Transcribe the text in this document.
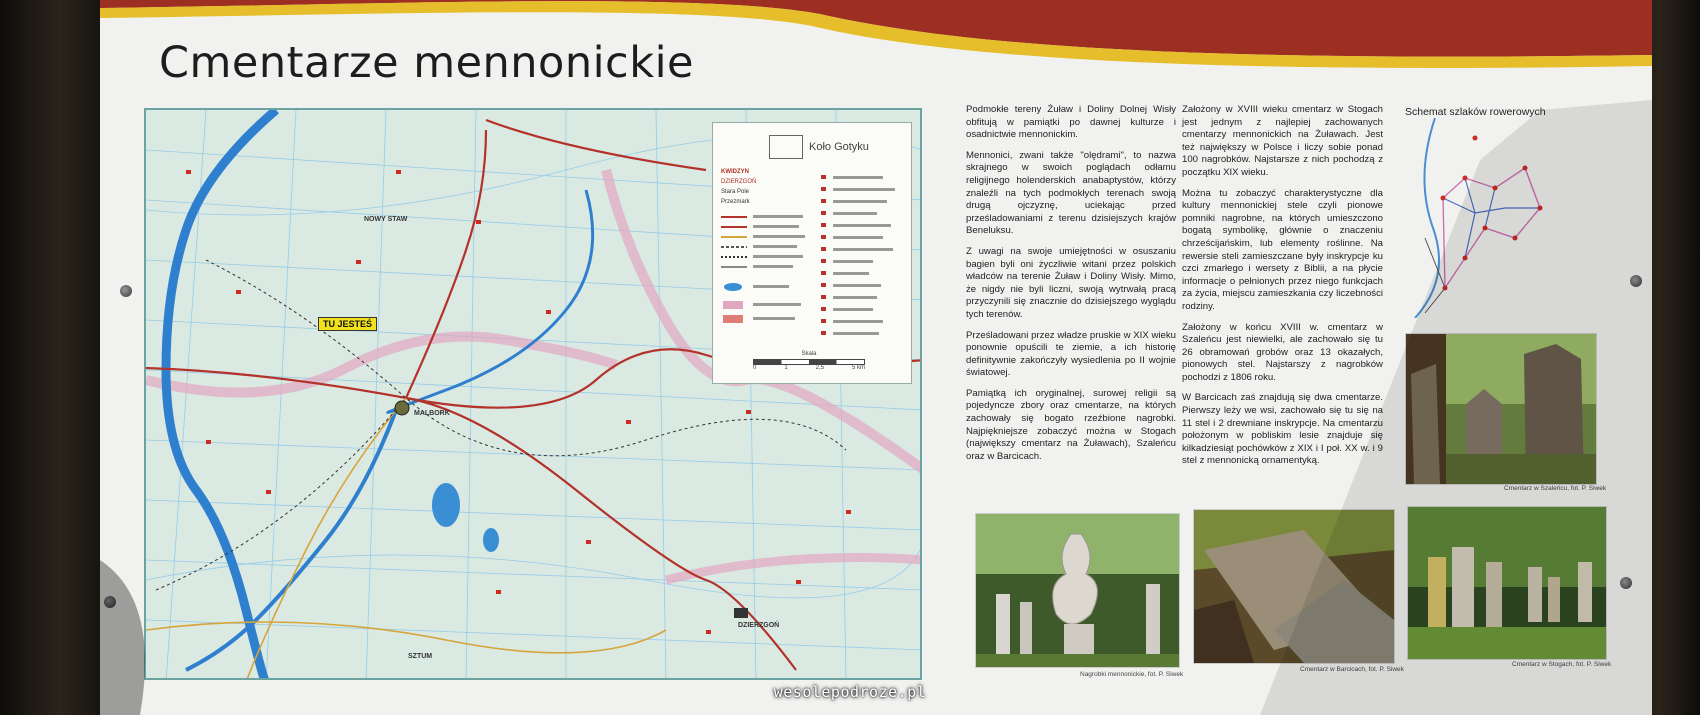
Cmentarze mennonickie
TU JESTEŚ
MALBORK
SZTUM
NOWY STAW
DZIERZGOŃ
Koło Gotyku
KWIDZYN
DZIERZGOŃ
Stara Pole
Przezmark
Skala
0	1	2,5	5 km

Podmokłe tereny Żuław i Doliny Dolnej Wisły obfitują w pamiątki po dawnej kulturze i osadnictwie mennonickim.

Mennonici, zwani także "olędrami", to nazwa skrajnego w swoich poglądach odłamu religijnego holenderskich anabaptystów, którzy znaleźli na tych podmokłych terenach swoją drugą ojczyznę, uciekając przed prześladowaniami z terenu dzisiejszych krajów Beneluksu.

Z uwagi na swoje umiejętności w osuszaniu bagien byli oni życzliwie witani przez polskich władców na terenie Żuław i Doliny Wisły. Mimo, że nigdy nie byli liczni, swoją wytrwałą pracą przyczynili się znacznie do dzisiejszego wyglądu tych terenów.

Prześladowani przez władze pruskie w XIX wieku ponownie opuścili te ziemie, a ich historię definitywnie zakończyły wysiedlenia po II wojnie światowej.

Pamiątką ich oryginalnej, surowej religii są pojedyncze zbory oraz cmentarze, na których zachowały się bogato rzeźbione nagrobki. Najpiękniejsze zobaczyć można w Stogach (największy cmentarz na Żuławach), Szaleńcu oraz w Barcicach.

Założony w XVIII wieku cmentarz w Stogach jest jednym z najlepiej zachowanych cmentarzy mennonickich na Żuławach. Jest też największy w Polsce i liczy sobie ponad 100 nagrobków. Najstarsze z nich pochodzą z początku XIX wieku.

Można tu zobaczyć charakterystyczne dla kultury mennonickiej stele czyli pionowe pomniki nagrobne, na których umieszczono bogatą symbolikę, głównie o znaczeniu chrześcijańskim, lub elementy roślinne. Na rewersie steli zamieszczane były inskrypcje ku czci zmarłego i wersety z Biblii, a na płycie informacje o pełnionych przez niego funkcjach za życia, miejscu zamieszkania czy liczebności rodziny.

Założony w końcu XVIII w. cmentarz w Szaleńcu jest niewielki, ale zachowało się tu 26 obramowań grobów oraz 13 okazałych, pionowych stel. Najstarszy z nagrobków pochodzi z 1806 roku.

W Barcicach zaś znajdują się dwa cmentarze. Pierwszy leży we wsi, zachowało się tu się na 11 stel i 2 drewniane inskrypcje. Na cmentarzu położonym w pobliskim lesie znajduje się kilkadziesiąt pochówków z XIX i I poł. XX w. i 9 stel z mennonicką ornamentyką.

Schemat szlaków rowerowych
Cmentarz w Szaleńcu, fot. P. Siwek
Nagrobki mennonickie, fot. P. Siwek
Cmentarz w Barcicach, fot. P. Siwek
Cmentarz w Stogach, fot. P. Siwek
wesolepodroze.pl
